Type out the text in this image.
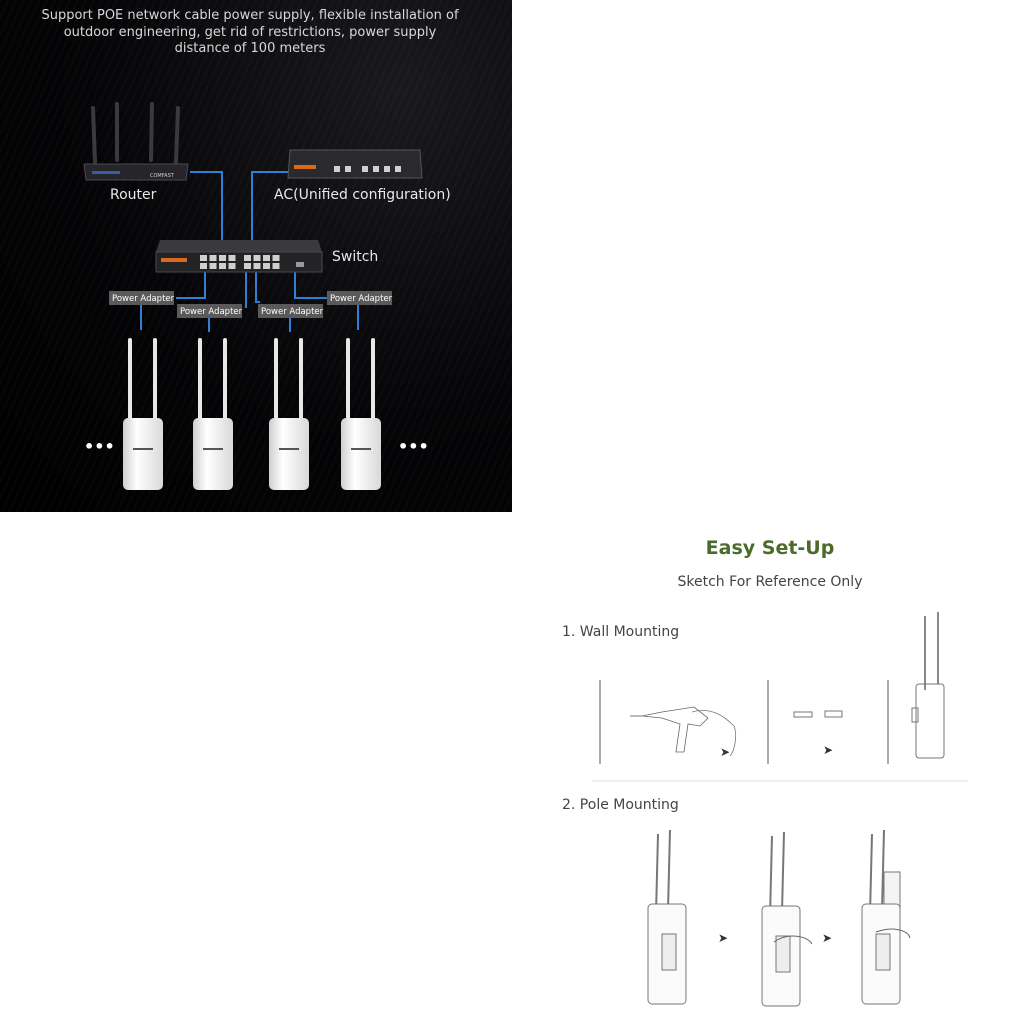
Support POE network cable power supply, flexible installation of
outdoor engineering, get rid of restrictions, power supply
distance of 100 meters
COMFAST
Router	AC(Unified configuration)
Switch
Power Adapter
Power Adapter Power Adapter
Power Adapter
•••	•••
Easy Set-Up
Sketch For Reference Only
1. Wall Mounting
2. Pole Mounting
➤	➤
➤	➤
